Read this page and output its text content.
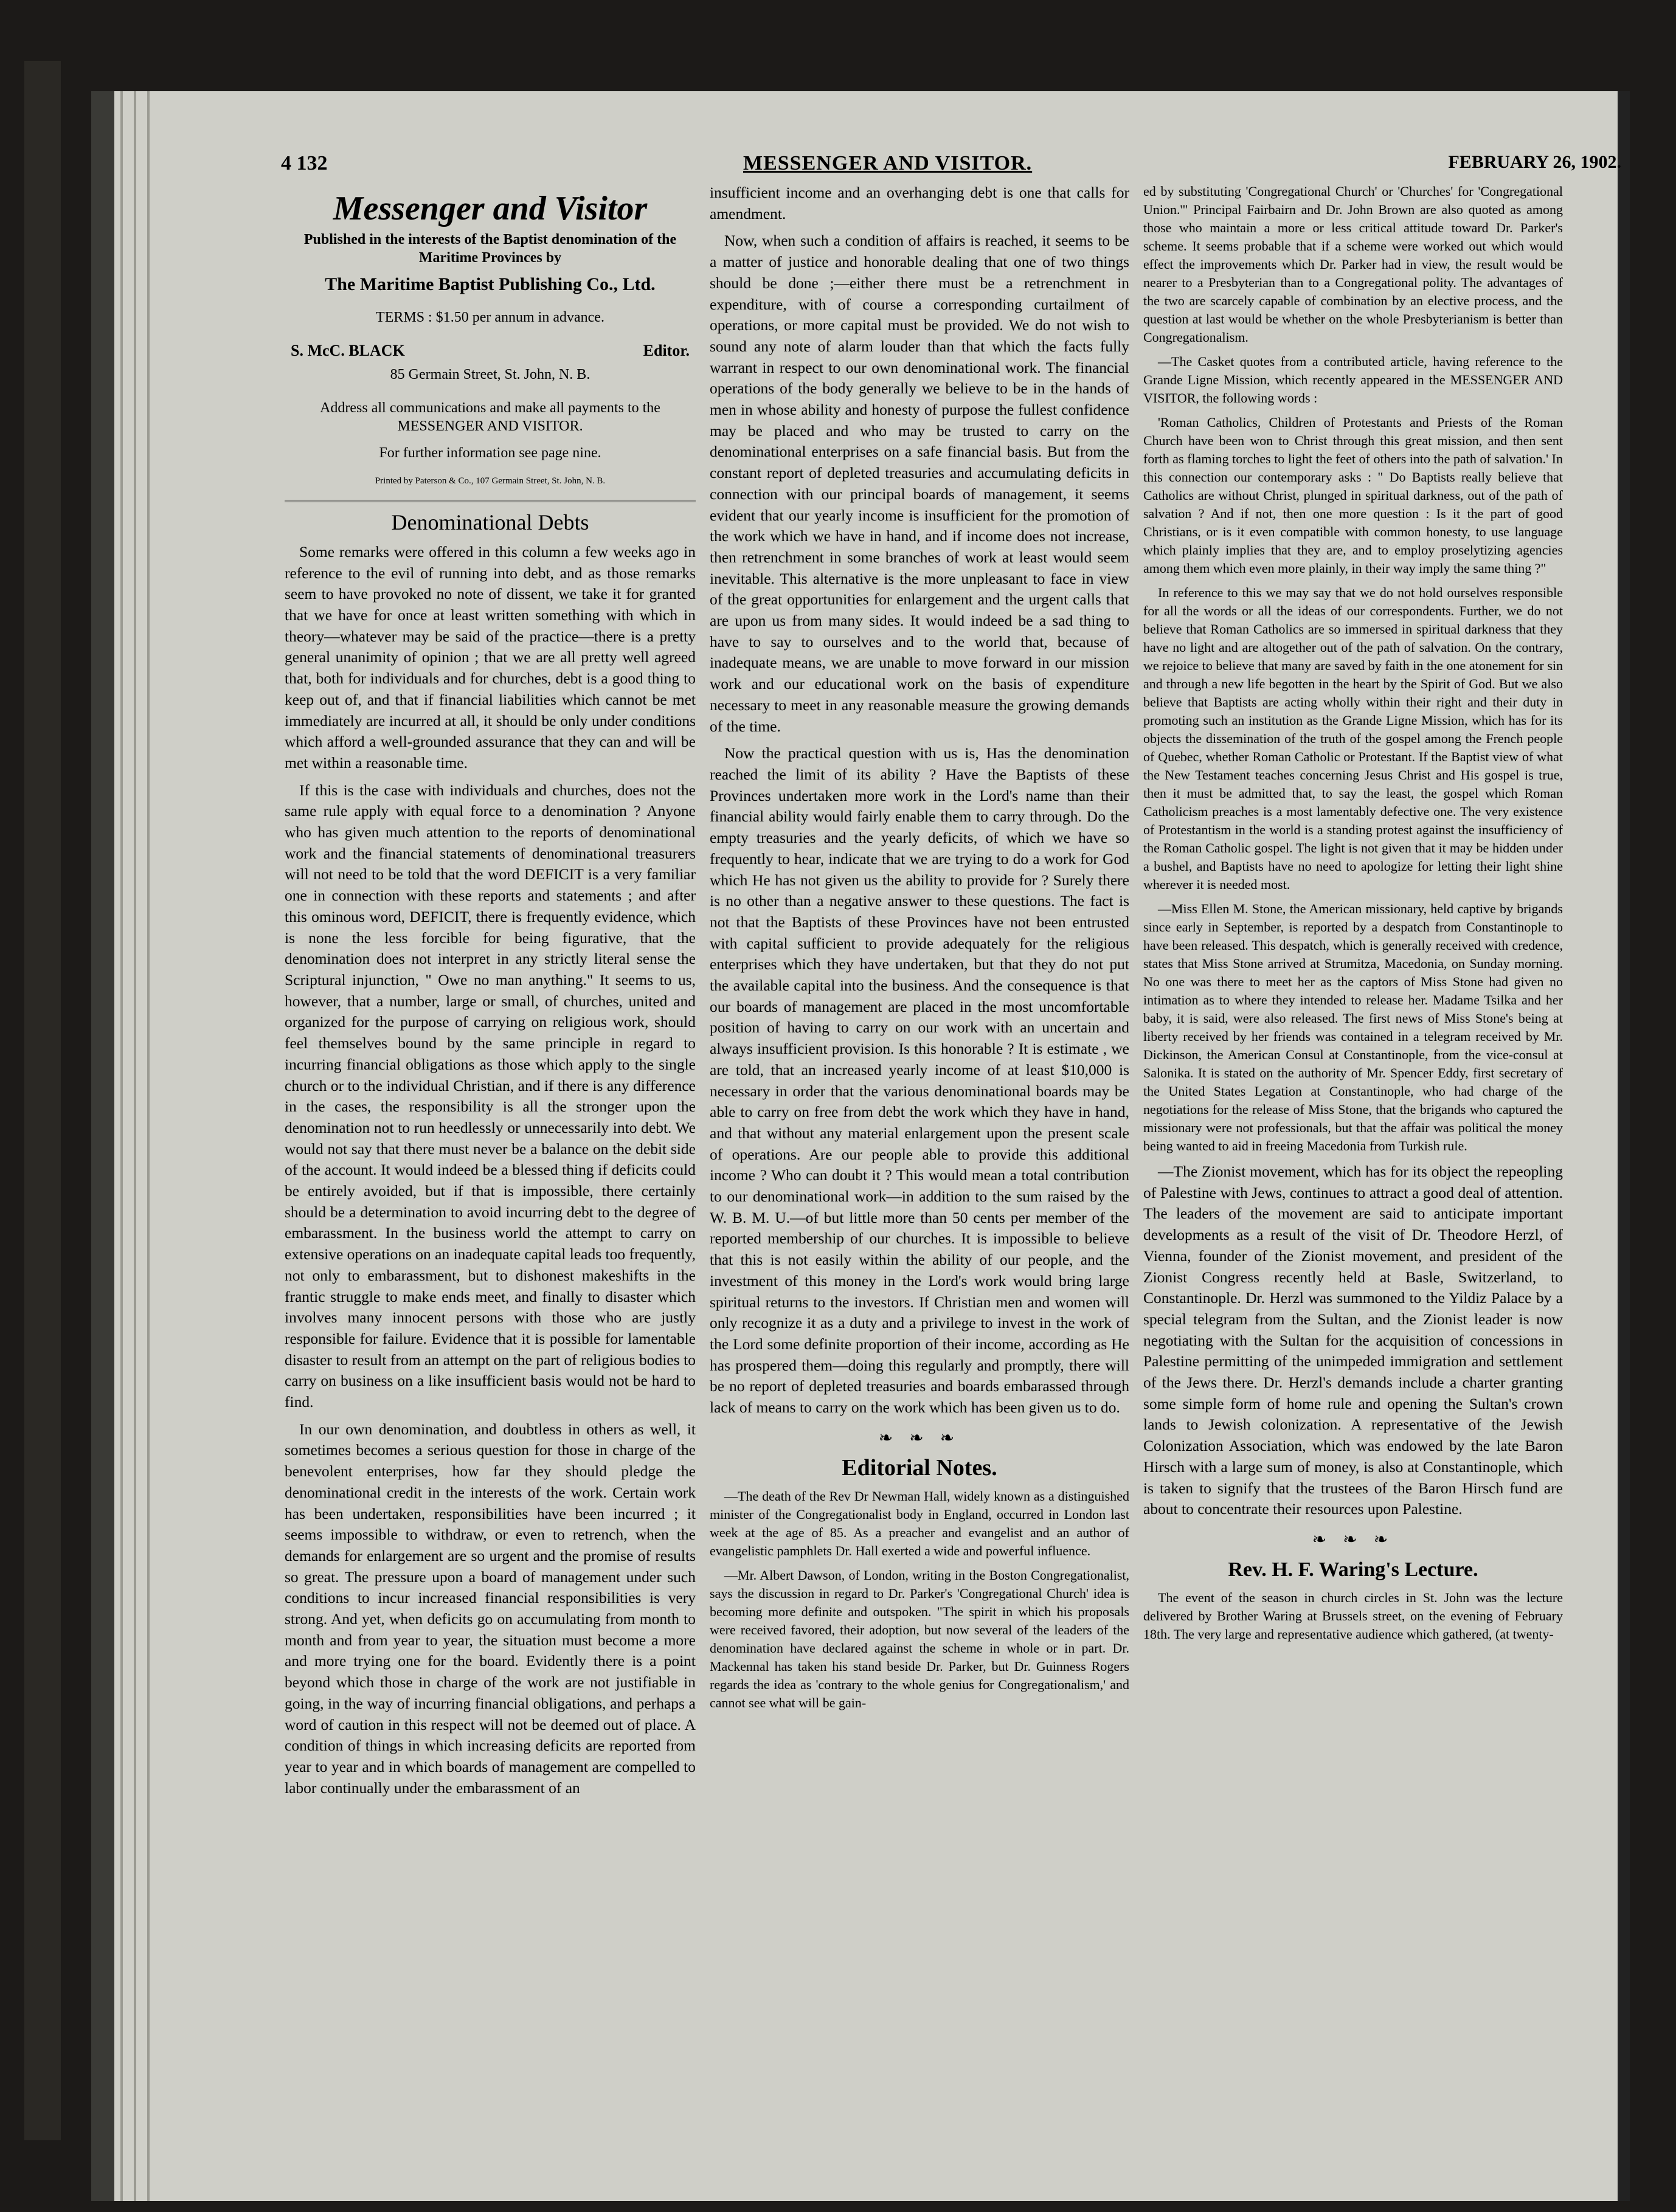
4 132	MESSENGER AND VISITOR.	FEBRUARY 26, 1902.
Messenger and Visitor
Published in the interests of the Baptist denomination of the Maritime Provinces by
The Maritime Baptist Publishing Co., Ltd.
TERMS : $1.50 per annum in advance.
S. McC. BLACK	Editor.
85 Germain Street, St. John, N. B.
Address all communications and make all payments to the MESSENGER AND VISITOR.
For further information see page nine.
Printed by Paterson & Co., 107 Germain Street, St. John, N. B.
Denominational Debts

Some remarks were offered in this column a few weeks ago in reference to the evil of running into debt, and as those remarks seem to have provoked no note of dissent, we take it for granted that we have for once at least written something with which in theory—whatever may be said of the practice—there is a pretty general unanimity of opinion ; that we are all pretty well agreed that, both for individuals and for churches, debt is a good thing to keep out of, and that if financial liabilities which cannot be met immediately are incurred at all, it should be only under conditions which afford a well-grounded assurance that they can and will be met within a reasonable time.

If this is the case with individuals and churches, does not the same rule apply with equal force to a denomination ? Anyone who has given much attention to the reports of denominational work and the financial statements of denominational treasurers will not need to be told that the word DEFICIT is a very familiar one in connection with these reports and statements ; and after this ominous word, DEFICIT, there is frequently evidence, which is none the less forcible for being figurative, that the denomination does not interpret in any strictly literal sense the Scriptural injunction, " Owe no man anything." It seems to us, however, that a number, large or small, of churches, united and organized for the purpose of carrying on religious work, should feel themselves bound by the same principle in regard to incurring financial obligations as those which apply to the single church or to the individual Christian, and if there is any difference in the cases, the responsibility is all the stronger upon the denomination not to run heedlessly or unnecessarily into debt. We would not say that there must never be a balance on the debit side of the account. It would indeed be a blessed thing if deficits could be entirely avoided, but if that is impossible, there certainly should be a determination to avoid incurring debt to the degree of embarassment. In the business world the attempt to carry on extensive operations on an inadequate capital leads too frequently, not only to embarassment, but to dishonest makeshifts in the frantic struggle to make ends meet, and finally to disaster which involves many innocent persons with those who are justly responsible for failure. Evidence that it is possible for lamentable disaster to result from an attempt on the part of religious bodies to carry on business on a like insufficient basis would not be hard to find.

In our own denomination, and doubtless in others as well, it sometimes becomes a serious question for those in charge of the benevolent enterprises, how far they should pledge the denominational credit in the interests of the work. Certain work has been undertaken, responsibilities have been incurred ; it seems impossible to withdraw, or even to retrench, when the demands for enlargement are so urgent and the promise of results so great. The pressure upon a board of management under such conditions to incur increased financial responsibilities is very strong. And yet, when deficits go on accumulating from month to month and from year to year, the situation must become a more and more trying one for the board. Evidently there is a point beyond which those in charge of the work are not justifiable in going, in the way of incurring financial obligations, and perhaps a word of caution in this respect will not be deemed out of place. A condition of things in which increasing deficits are reported from year to year and in which boards of management are compelled to labor continually under the embarassment of an

insufficient income and an overhanging debt is one that calls for amendment.

Now, when such a condition of affairs is reached, it seems to be a matter of justice and honorable dealing that one of two things should be done ;—either there must be a retrenchment in expenditure, with of course a corresponding curtailment of operations, or more capital must be provided. We do not wish to sound any note of alarm louder than that which the facts fully warrant in respect to our own denominational work. The financial operations of the body generally we believe to be in the hands of men in whose ability and honesty of purpose the fullest confidence may be placed and who may be trusted to carry on the denominational enterprises on a safe financial basis. But from the constant report of depleted treasuries and accumulating deficits in connection with our principal boards of management, it seems evident that our yearly income is insufficient for the promotion of the work which we have in hand, and if income does not increase, then retrenchment in some branches of work at least would seem inevitable. This alternative is the more unpleasant to face in view of the great opportunities for enlargement and the urgent calls that are upon us from many sides. It would indeed be a sad thing to have to say to ourselves and to the world that, because of inadequate means, we are unable to move forward in our mission work and our educational work on the basis of expenditure necessary to meet in any reasonable measure the growing demands of the time.

Now the practical question with us is, Has the denomination reached the limit of its ability ? Have the Baptists of these Provinces undertaken more work in the Lord's name than their financial ability would fairly enable them to carry through. Do the empty treasuries and the yearly deficits, of which we have so frequently to hear, indicate that we are trying to do a work for God which He has not given us the ability to provide for ? Surely there is no other than a negative answer to these questions. The fact is not that the Baptists of these Provinces have not been entrusted with capital sufficient to provide adequately for the religious enterprises which they have undertaken, but that they do not put the available capital into the business. And the consequence is that our boards of management are placed in the most uncomfortable position of having to carry on our work with an uncertain and always insufficient provision. Is this honorable ? It is estimate , we are told, that an increased yearly income of at least $10,000 is necessary in order that the various denominational boards may be able to carry on free from debt the work which they have in hand, and that without any material enlargement upon the present scale of operations. Are our people able to provide this additional income ? Who can doubt it ? This would mean a total contribution to our denominational work—in addition to the sum raised by the W. B. M. U.—of but little more than 50 cents per member of the reported membership of our churches. It is impossible to believe that this is not easily within the ability of our people, and the investment of this money in the Lord's work would bring large spiritual returns to the investors. If Christian men and women will only recognize it as a duty and a privilege to invest in the work of the Lord some definite proportion of their income, according as He has prospered them—doing this regularly and promptly, there will be no report of depleted treasuries and boards embarassed through lack of means to carry on the work which has been given us to do.

❧ ❧ ❧
Editorial Notes.

—The death of the Rev Dr Newman Hall, widely known as a distinguished minister of the Congregationalist body in England, occurred in London last week at the age of 85. As a preacher and evangelist and an author of evangelistic pamphlets Dr. Hall exerted a wide and powerful influence.

—Mr. Albert Dawson, of London, writing in the Boston Congregationalist, says the discussion in regard to Dr. Parker's 'Congregational Church' idea is becoming more definite and outspoken. "The spirit in which his proposals were received favored, their adoption, but now several of the leaders of the denomination have declared against the scheme in whole or in part. Dr. Mackennal has taken his stand beside Dr. Parker, but Dr. Guinness Rogers regards the idea as 'contrary to the whole genius for Congregationalism,' and cannot see what will be gain-

ed by substituting 'Congregational Church' or 'Churches' for 'Congregational Union.'" Principal Fairbairn and Dr. John Brown are also quoted as among those who maintain a more or less critical attitude toward Dr. Parker's scheme. It seems probable that if a scheme were worked out which would effect the improvements which Dr. Parker had in view, the result would be nearer to a Presbyterian than to a Congregational polity. The advantages of the two are scarcely capable of combination by an elective process, and the question at last would be whether on the whole Presbyterianism is better than Congregationalism.

—The Casket quotes from a contributed article, having reference to the Grande Ligne Mission, which recently appeared in the MESSENGER AND VISITOR, the following words :

'Roman Catholics, Children of Protestants and Priests of the Roman Church have been won to Christ through this great mission, and then sent forth as flaming torches to light the feet of others into the path of salvation.' In this connection our contemporary asks : " Do Baptists really believe that Catholics are without Christ, plunged in spiritual darkness, out of the path of salvation ? And if not, then one more question : Is it the part of good Christians, or is it even compatible with common honesty, to use language which plainly implies that they are, and to employ proselytizing agencies among them which even more plainly, in their way imply the same thing ?"

In reference to this we may say that we do not hold ourselves responsible for all the words or all the ideas of our correspondents. Further, we do not believe that Roman Catholics are so immersed in spiritual darkness that they have no light and are altogether out of the path of salvation. On the contrary, we rejoice to believe that many are saved by faith in the one atonement for sin and through a new life begotten in the heart by the Spirit of God. But we also believe that Baptists are acting wholly within their right and their duty in promoting such an institution as the Grande Ligne Mission, which has for its objects the dissemination of the truth of the gospel among the French people of Quebec, whether Roman Catholic or Protestant. If the Baptist view of what the New Testament teaches concerning Jesus Christ and His gospel is true, then it must be admitted that, to say the least, the gospel which Roman Catholicism preaches is a most lamentably defective one. The very existence of Protestantism in the world is a standing protest against the insufficiency of the Roman Catholic gospel. The light is not given that it may be hidden under a bushel, and Baptists have no need to apologize for letting their light shine wherever it is needed most.

—Miss Ellen M. Stone, the American missionary, held captive by brigands since early in September, is reported by a despatch from Constantinople to have been released. This despatch, which is generally received with credence, states that Miss Stone arrived at Strumitza, Macedonia, on Sunday morning. No one was there to meet her as the captors of Miss Stone had given no intimation as to where they intended to release her. Madame Tsilka and her baby, it is said, were also released. The first news of Miss Stone's being at liberty received by her friends was contained in a telegram received by Mr. Dickinson, the American Consul at Constantinople, from the vice-consul at Salonika. It is stated on the authority of Mr. Spencer Eddy, first secretary of the United States Legation at Constantinople, who had charge of the negotiations for the release of Miss Stone, that the brigands who captured the missionary were not professionals, but that the affair was political the money being wanted to aid in freeing Macedonia from Turkish rule.

—The Zionist movement, which has for its object the repeopling of Palestine with Jews, continues to attract a good deal of attention. The leaders of the movement are said to anticipate important developments as a result of the visit of Dr. Theodore Herzl, of Vienna, founder of the Zionist movement, and president of the Zionist Congress recently held at Basle, Switzerland, to Constantinople. Dr. Herzl was summoned to the Yildiz Palace by a special telegram from the Sultan, and the Zionist leader is now negotiating with the Sultan for the acquisition of concessions in Palestine permitting of the unimpeded immigration and settlement of the Jews there. Dr. Herzl's demands include a charter granting some simple form of home rule and opening the Sultan's crown lands to Jewish colonization. A representative of the Jewish Colonization Association, which was endowed by the late Baron Hirsch with a large sum of money, is also at Constantinople, which is taken to signify that the trustees of the Baron Hirsch fund are about to concentrate their resources upon Palestine.

❧ ❧ ❧
Rev. H. F. Waring's Lecture.

The event of the season in church circles in St. John was the lecture delivered by Brother Waring at Brussels street, on the evening of February 18th. The very large and representative audience which gathered, (at twenty-
